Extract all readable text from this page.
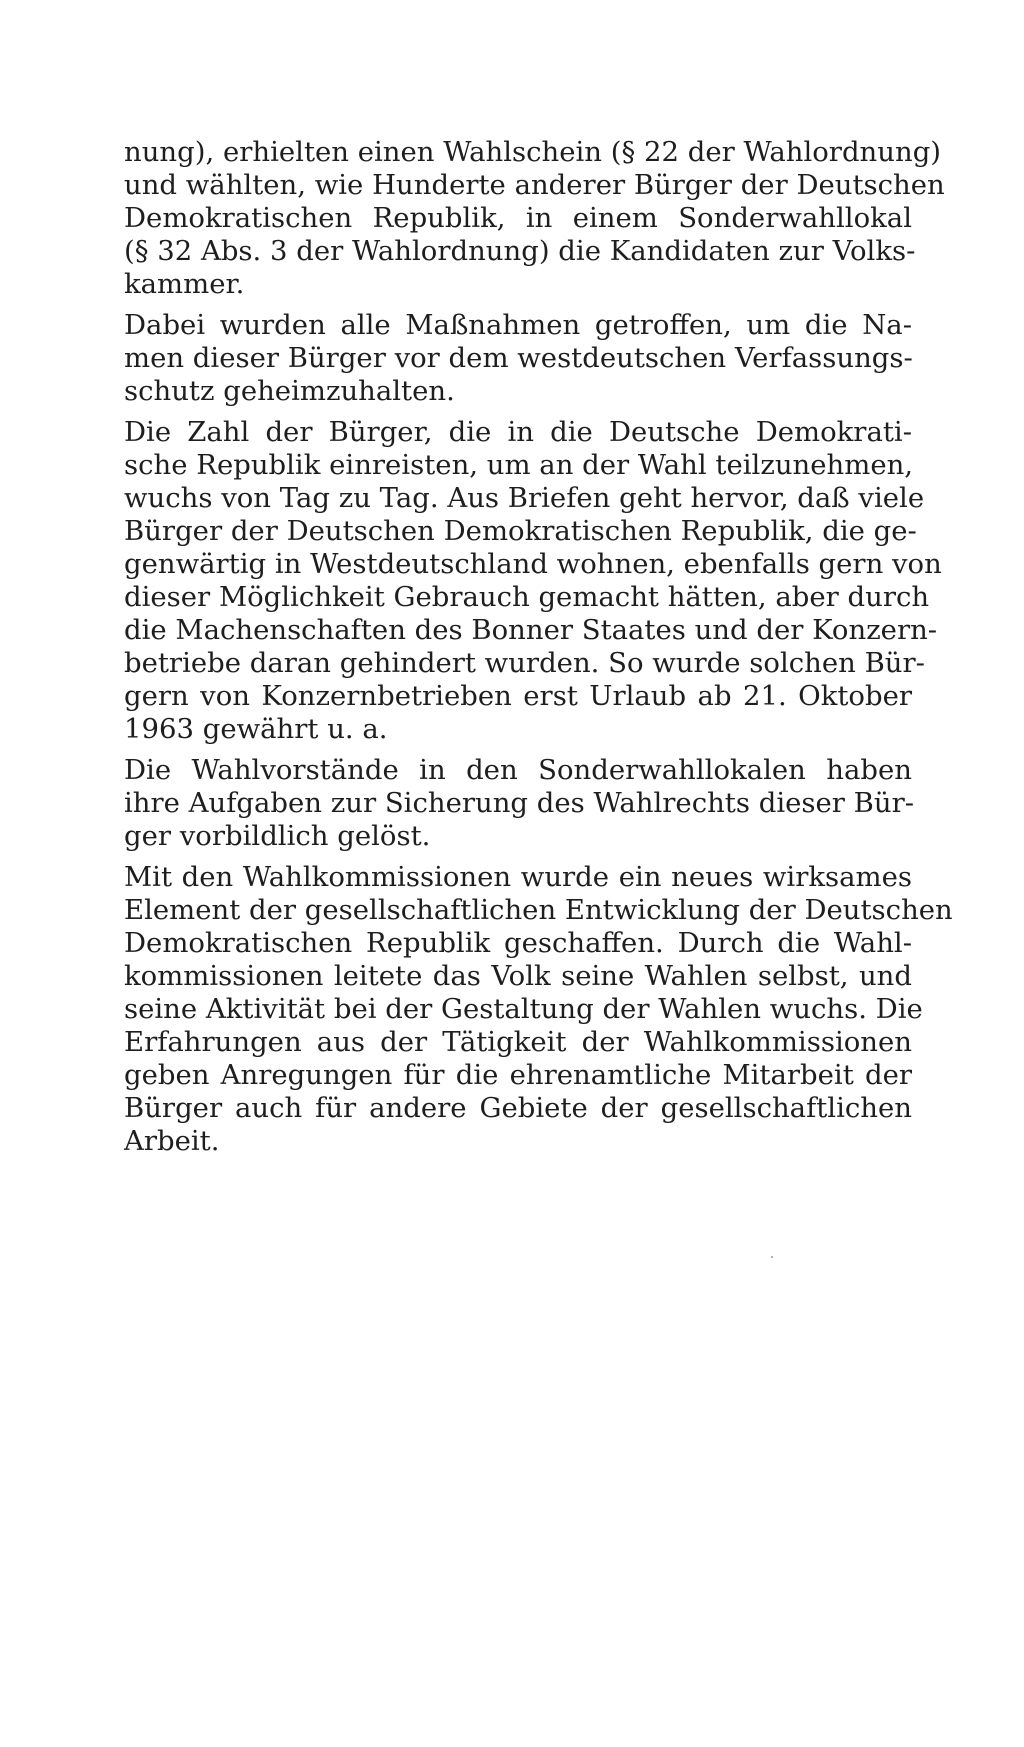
nung), erhielten einen Wahlschein (§ 22 der Wahlordnung)
und wählten, wie Hunderte anderer Bürger der Deutschen
Demokratischen Republik, in einem Sonderwahllokal
(§ 32 Abs. 3 der Wahlordnung) die Kandidaten zur Volks-
kammer.

Dabei wurden alle Maßnahmen getroffen, um die Na-
men dieser Bürger vor dem westdeutschen Verfassungs-
schutz geheimzuhalten.

Die Zahl der Bürger, die in die Deutsche Demokrati-
sche Republik einreisten, um an der Wahl teilzunehmen,
wuchs von Tag zu Tag. Aus Briefen geht hervor, daß viele
Bürger der Deutschen Demokratischen Republik, die ge-
genwärtig in Westdeutschland wohnen, ebenfalls gern von
dieser Möglichkeit Gebrauch gemacht hätten, aber durch
die Machenschaften des Bonner Staates und der Konzern-
betriebe daran gehindert wurden. So wurde solchen Bür-
gern von Konzernbetrieben erst Urlaub ab 21. Oktober
1963 gewährt u. a.

Die Wahlvorstände in den Sonderwahllokalen haben
ihre Aufgaben zur Sicherung des Wahlrechts dieser Bür-
ger vorbildlich gelöst.

Mit den Wahlkommissionen wurde ein neues wirksames
Element der gesellschaftlichen Entwicklung der Deutschen
Demokratischen Republik geschaffen. Durch die Wahl-
kommissionen leitete das Volk seine Wahlen selbst, und
seine Aktivität bei der Gestaltung der Wahlen wuchs. Die
Erfahrungen aus der Tätigkeit der Wahlkommissionen
geben Anregungen für die ehrenamtliche Mitarbeit der
Bürger auch für andere Gebiete der gesellschaftlichen
Arbeit.
